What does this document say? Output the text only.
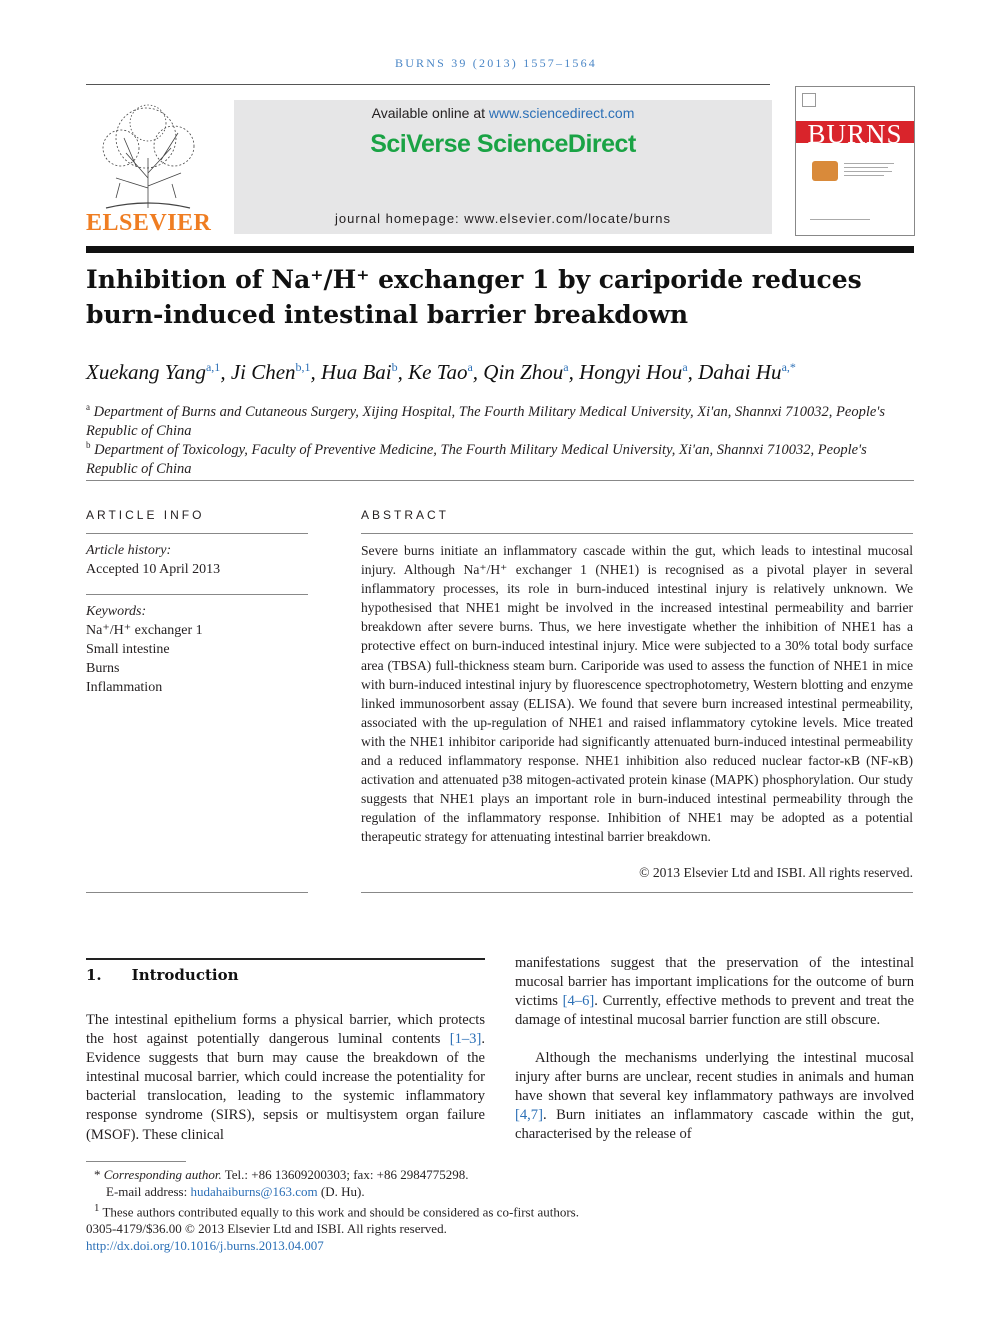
BURNS 39 (2013) 1557–1564
ELSEVIER
Available online at www.sciencedirect.com
SciVerse ScienceDirect
journal homepage: www.elsevier.com/locate/burns
BURNS
Inhibition of Na⁺/H⁺ exchanger 1 by cariporide reduces burn-induced intestinal barrier breakdown
Xuekang Yang$^{a,1}$, Ji Chen$^{b,1}$, Hua Bai$^b$, Ke Tao$^a$, Qin Zhou$^a$, Hongyi Hou$^a$, Dahai $Hu^{a,*}$
$^a$ Department of Burns and Cutaneous Surgery, Xijing Hospital, The Fourth Military Medical University, Xi'an, Shannxi 710032, People's Republic of China
$^b$ Department of Toxicology, Faculty of Preventive Medicine, The Fourth Military Medical University, Xi'an, Shannxi 710032, People's Republic of China
ARTICLE INFO
Article history:
Accepted 10 April 2013
Keywords:
Na⁺/H⁺ exchanger 1
Small intestine
Burns
Inflammation
ABSTRACT
Severe burns initiate an inflammatory cascade within the gut, which leads to intestinal mucosal injury. Although Na⁺/H⁺ exchanger 1 (NHE1) is recognised as a pivotal player in several inflammatory processes, its role in burn-induced intestinal injury is relatively unknown. We hypothesised that NHE1 might be involved in the increased intestinal permeability and barrier breakdown after severe burns. Thus, we here investigate whether the inhibition of NHE1 has a protective effect on burn-induced intestinal injury. Mice were subjected to a 30% total body surface area (TBSA) full-thickness steam burn. Cariporide was used to assess the function of NHE1 in mice with burn-induced intestinal injury by fluorescence spectrophotometry, Western blotting and enzyme linked immunosorbent assay (ELISA). We found that severe burn increased intestinal permeability, associated with the up-regulation of NHE1 and raised inflammatory cytokine levels. Mice treated with the NHE1 inhibitor cariporide had significantly attenuated burn-induced intestinal permeability and a reduced inflammatory response. NHE1 inhibition also reduced nuclear factor-κB (NF-κB) activation and attenuated p38 mitogen-activated protein kinase (MAPK) phosphorylation. Our study suggests that NHE1 plays an important role in burn-induced intestinal permeability through the regulation of the inflammatory response. Inhibition of NHE1 may be adopted as a potential therapeutic strategy for attenuating intestinal barrier breakdown.
© 2013 Elsevier Ltd and ISBI. All rights reserved.
1. Introduction
The intestinal epithelium forms a physical barrier, which protects the host against potentially dangerous luminal contents [1–3]. Evidence suggests that burn may cause the breakdown of the intestinal mucosal barrier, which could increase the potentiality for bacterial translocation, leading to the systemic inflammatory response syndrome (SIRS), sepsis or multisystem organ failure (MSOF). These clinical
manifestations suggest that the preservation of the intestinal mucosal barrier has important implications for the outcome of burn victims [4–6]. Currently, effective methods to prevent and treat the damage of intestinal mucosal barrier function are still obscure.
Although the mechanisms underlying the intestinal mucosal injury after burns are unclear, recent studies in animals and human have shown that several key inflammatory pathways are involved [4,7]. Burn initiates an inflammatory cascade within the gut, characterised by the release of
* Corresponding author. Tel.: +86 13609200303; fax: +86 2984775298.
E-mail address: hudahaiburns@163.com (D. Hu).
$^1$ These authors contributed equally to this work and should be considered as co-first authors.
0305-4179/$36.00 © 2013 Elsevier Ltd and ISBI. All rights reserved.
http://dx.doi.org/10.1016/j.burns.2013.04.007
